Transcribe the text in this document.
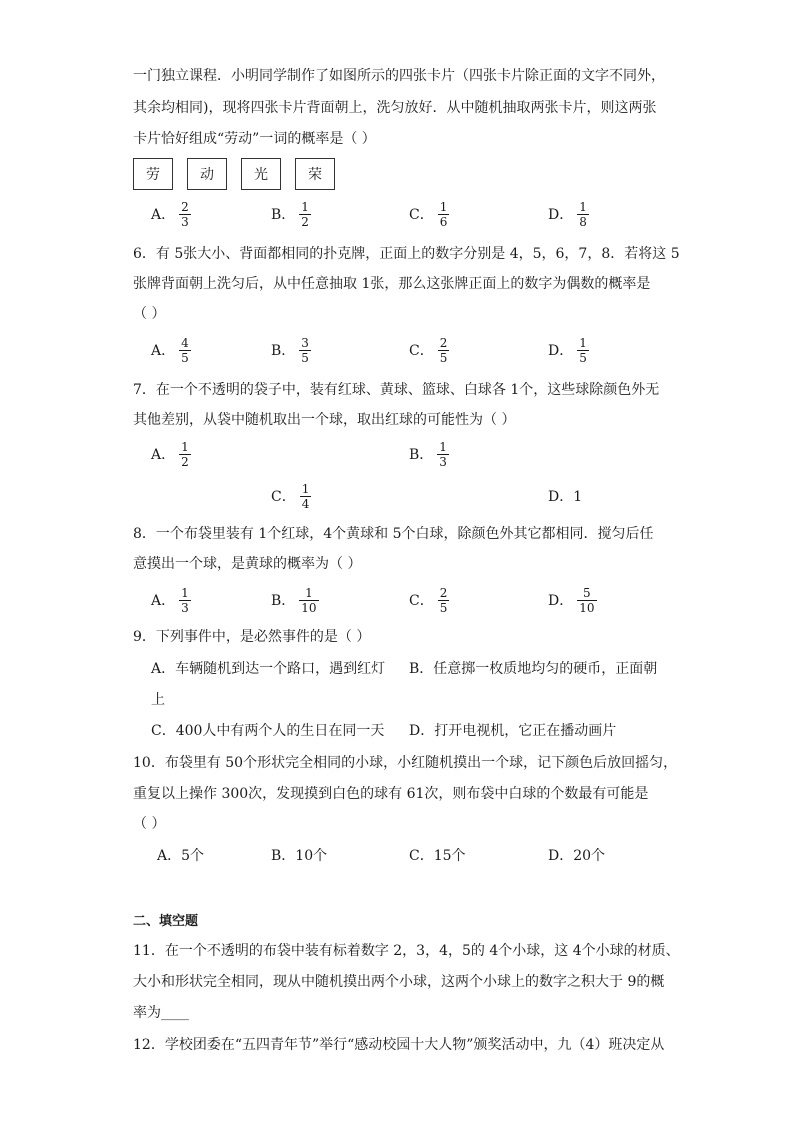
一门独立课程．小明同学制作了如图所示的四张卡片（四张卡片除正面的文字不同外，
其余均相同)，现将四张卡片背面朝上，洗匀放好．从中随机抽取两张卡片，则这两张
卡片恰好组成“劳动”一词的概率是（ ）
劳	动	光	荣
A． $\frac{2}{3}$	B． $\frac{1}{2}$	C． $\frac{1}{6}$	D． $\frac{1}{8}$
6．有 5张大小、背面都相同的扑克牌，正面上的数字分别是 4，5，6，7，8．若将这 5
张牌背面朝上洗匀后，从中任意抽取 1张，那么这张牌正面上的数字为偶数的概率是
（ ）
A． $\frac{4}{5}$	B． $\frac{3}{5}$	C． $\frac{2}{5}$	D． $\frac{1}{5}$
7．在一个不透明的袋子中，装有红球、黄球、篮球、白球各 1个，这些球除颜色外无
其他差别，从袋中随机取出一个球，取出红球的可能性为（ ）
A． $\frac{1}{2}$	B． $\frac{1}{3}$
C． $\frac{1}{4}$	D．1
8．一个布袋里装有 1个红球，4个黄球和 5个白球，除颜色外其它都相同．搅匀后任
意摸出一个球，是黄球的概率为（ ）
A． $\frac{1}{3}$	B． $\frac{1}{10}$	C． $\frac{2}{5}$	D． $\frac{5}{10}$
9．下列事件中，是必然事件的是（ ）
A．车辆随机到达一个路口，遇到红灯 B．任意掷一枚质地均匀的硬币，正面朝
上
C．400人中有两个人的生日在同一天 D．打开电视机，它正在播动画片
10．布袋里有 50个形状完全相同的小球，小红随机摸出一个球，记下颜色后放回摇匀，
重复以上操作 300次，发现摸到白色的球有 61次，则布袋中白球的个数最有可能是
（ ）
A．5个	B．10个	C．15个	D．20个
二、填空题
11．在一个不透明的布袋中装有标着数字 2，3，4，5的 4个小球，这 4个小球的材质、
大小和形状完全相同，现从中随机摸出两个小球，这两个小球上的数字之积大于 9的概
率为____
12．学校团委在“五四青年节”举行“感动校园十大人物”颁奖活动中，九（4）班决定从
